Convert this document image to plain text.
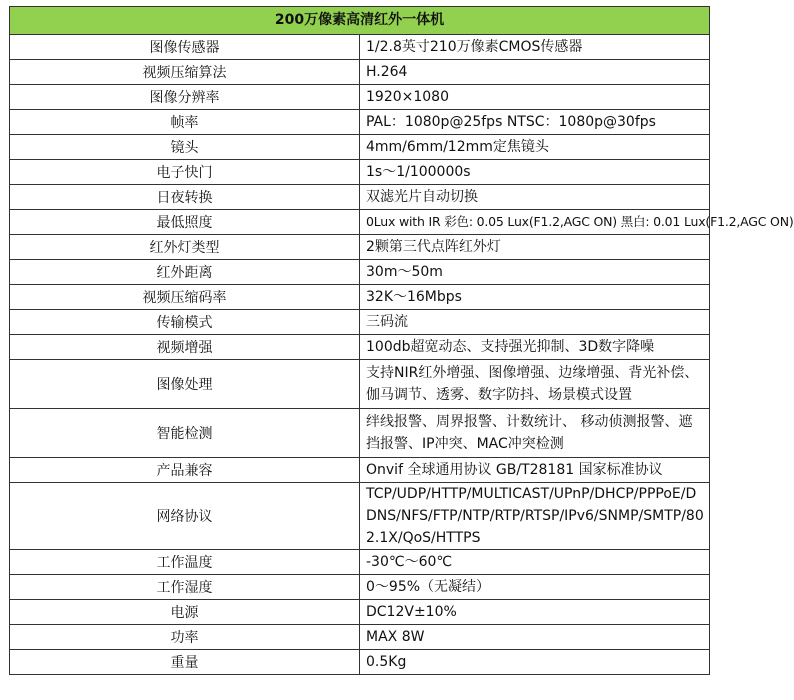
200万像素高清红外一体机	
图像传感器	1/2.8英寸210万像素CMOS传感器
视频压缩算法	H.264
图像分辨率	1920×1080
帧率	PAL：1080p@25fps NTSC：1080p@30fps
镜头	4mm/6mm/12mm定焦镜头
电子快门	1s～1/100000s
日夜转换	双滤光片自动切换
最低照度	0Lux with IR 彩色: 0.05 Lux(F1.2,AGC ON) 黑白: 0.01 Lux(F1.2,AGC ON)
红外灯类型	2颗第三代点阵红外灯
红外距离	30m～50m
视频压缩码率	32K～16Mbps
传输模式	三码流
视频增强	100db超宽动态、支持强光抑制、3D数字降噪
图像处理	支持NIR红外增强、图像增强、边缘增强、背光补偿、伽马调节、透雾、数字防抖、场景模式设置
智能检测	绊线报警、周界报警、计数统计、 移动侦测报警、遮挡报警、IP冲突、MAC冲突检测
产品兼容	Onvif 全球通用协议 GB/T28181 国家标准协议
网络协议	TCP/UDP/HTTP/MULTICAST/UPnP/DHCP/PPPoE/DDNS/NFS/FTP/NTP/RTP/RTSP/IPv6/SNMP/SMTP/802.1X/QoS/HTTPS
工作温度	-30℃～60℃
工作湿度	0～95%（无凝结）
电源	DC12V±10%
功率	MAX 8W
重量	0.5Kg
